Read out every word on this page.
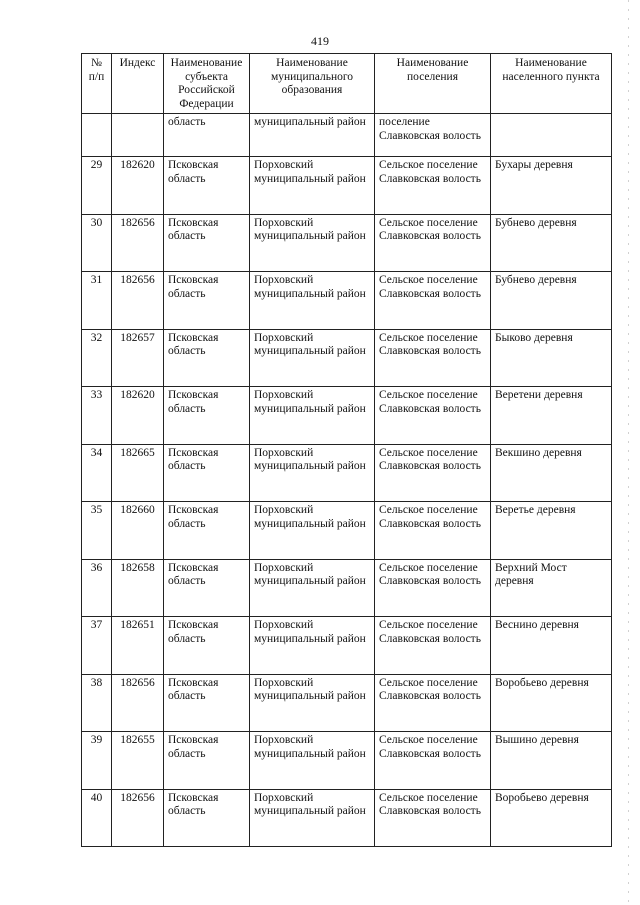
419
№ п/п	Индекс	Наименование субъекта Российской Федерации	Наименование муниципального образования	Наименование поселения	Наименование населенного пункта
		область	муниципальный район	поселение Славковская волость	
29	182620	Псковская область	Порховский муниципальный район	Сельское поселение Славковская волость	Бухары деревня
30	182656	Псковская область	Порховский муниципальный район	Сельское поселение Славковская волость	Бубнево деревня
31	182656	Псковская область	Порховский муниципальный район	Сельское поселение Славковская волость	Бубнево деревня
32	182657	Псковская область	Порховский муниципальный район	Сельское поселение Славковская волость	Быково деревня
33	182620	Псковская область	Порховский муниципальный район	Сельское поселение Славковская волость	Веретени деревня
34	182665	Псковская область	Порховский муниципальный район	Сельское поселение Славковская волость	Векшино деревня
35	182660	Псковская область	Порховский муниципальный район	Сельское поселение Славковская волость	Веретье деревня
36	182658	Псковская область	Порховский муниципальный район	Сельское поселение Славковская волость	Верхний Мост деревня
37	182651	Псковская область	Порховский муниципальный район	Сельское поселение Славковская волость	Веснино деревня
38	182656	Псковская область	Порховский муниципальный район	Сельское поселение Славковская волость	Воробьево деревня
39	182655	Псковская область	Порховский муниципальный район	Сельское поселение Славковская волость	Вышино деревня
40	182656	Псковская область	Порховский муниципальный район	Сельское поселение Славковская волость	Воробьево деревня
